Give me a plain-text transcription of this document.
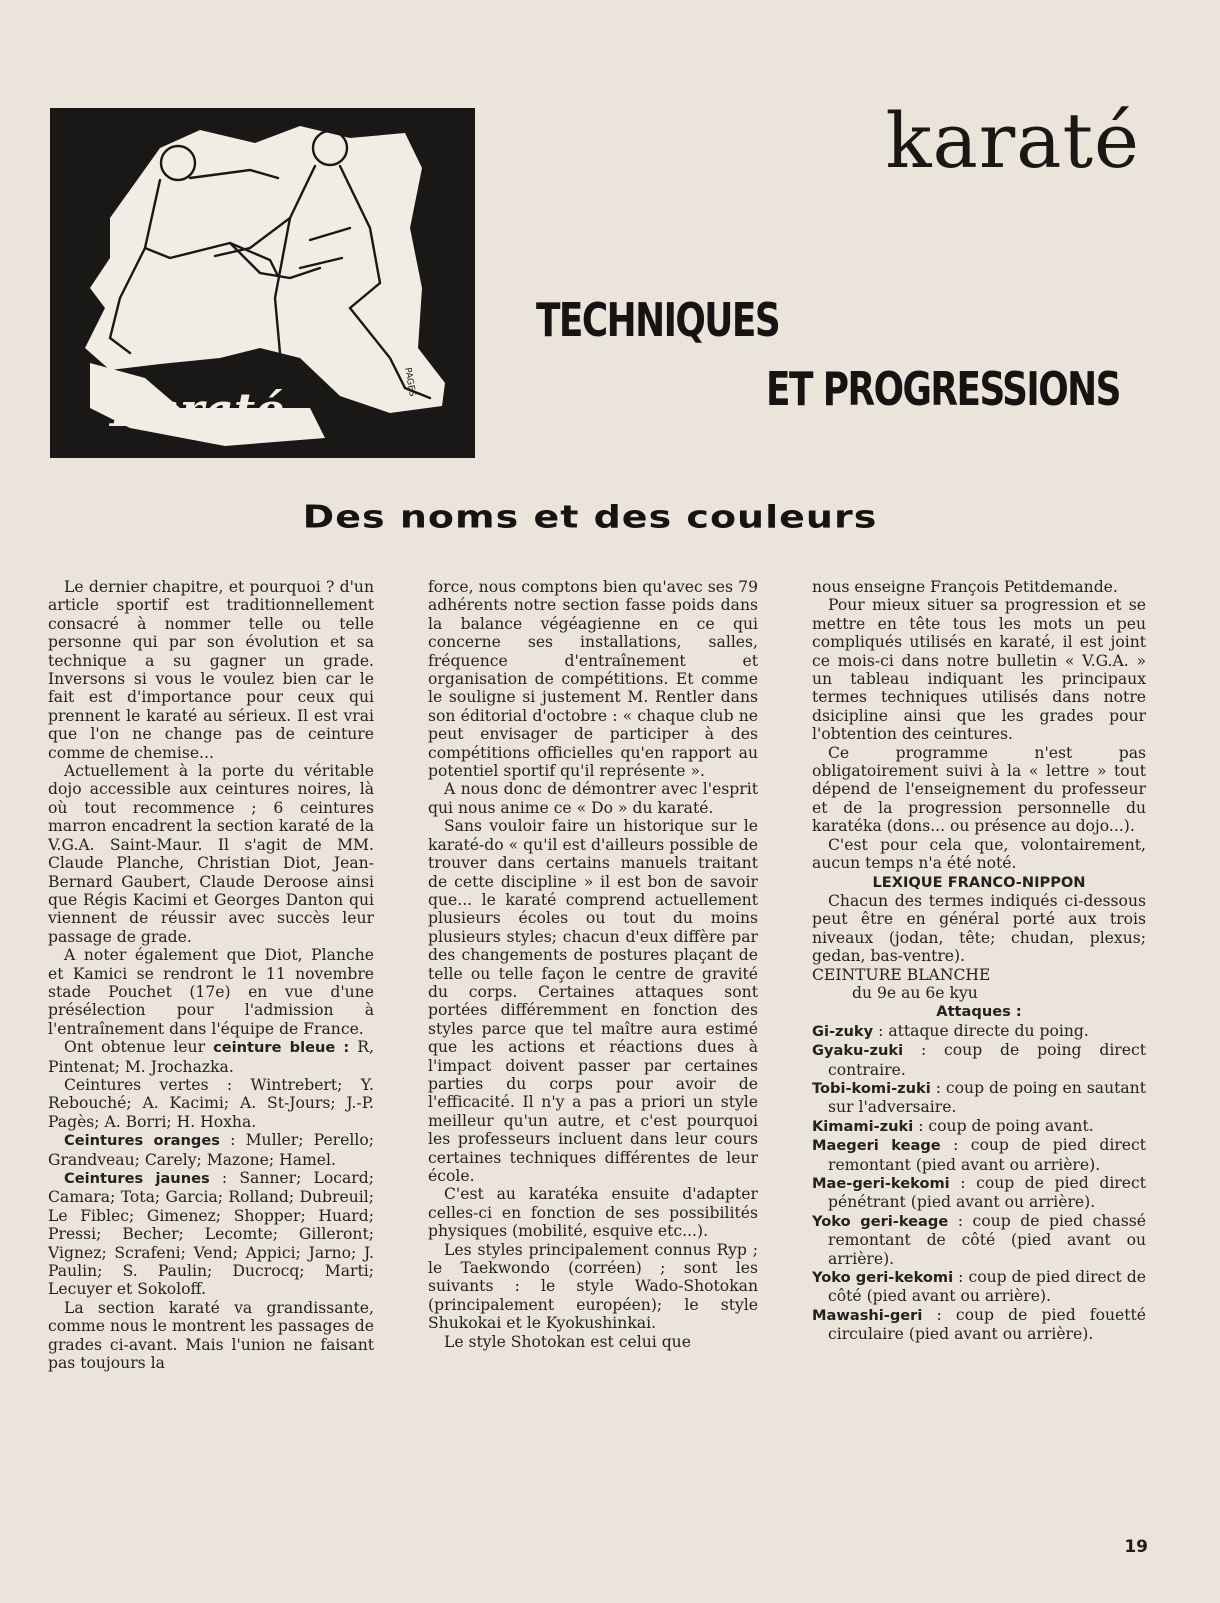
Karaté
PAGES
karaté
TECHNIQUES
ET PROGRESSIONS
Des noms et des couleurs

Le dernier chapitre, et pourquoi ? d'un article sportif est traditionnellement consacré à nommer telle ou telle personne qui par son évolution et sa technique a su gagner un grade. Inversons si vous le voulez bien car le fait est d'importance pour ceux qui prennent le karaté au sérieux. Il est vrai que l'on ne change pas de ceinture comme de chemise...

Actuellement à la porte du véritable dojo accessible aux ceintures noires, là où tout recommence ; 6 ceintures marron encadrent la section karaté de la V.G.A. Saint-Maur. Il s'agit de MM. Claude Planche, Christian Diot, Jean-Bernard Gaubert, Claude Deroose ainsi que Régis Kacimi et Georges Danton qui viennent de réussir avec succès leur passage de grade.

A noter également que Diot, Planche et Kamici se rendront le 11 novembre stade Pouchet (17e) en vue d'une présélection pour l'admission à l'entraînement dans l'équipe de France.

Ont obtenue leur ceinture bleue : R, Pintenat; M. Jrochazka.

Ceintures vertes : Wintrebert; Y. Rebouché; A. Kacimi; A. St-Jours; J.-P. Pagès; A. Borri; H. Hoxha.

Ceintures oranges : Muller; Perello; Grandveau; Carely; Mazone; Hamel.

Ceintures jaunes : Sanner; Locard; Camara; Tota; Garcia; Rolland; Dubreuil; Le Fiblec; Gimenez; Shopper; Huard; Pressi; Becher; Lecomte; Gilleront; Vignez; Scrafeni; Vend; Appici; Jarno; J. Paulin; S. Paulin; Ducrocq; Marti; Lecuyer et Sokoloff.

La section karaté va grandissante, comme nous le montrent les passages de grades ci-avant. Mais l'union ne faisant pas toujours la

force, nous comptons bien qu'avec ses 79 adhérents notre section fasse poids dans la balance végéagienne en ce qui concerne ses installations, salles, fréquence d'entraînement et organisation de compétitions. Et comme le souligne si justement M. Rentler dans son éditorial d'octobre : « chaque club ne peut envisager de participer à des compétitions officielles qu'en rapport au potentiel sportif qu'il représente ».

A nous donc de démontrer avec l'esprit qui nous anime ce « Do » du karaté.

Sans vouloir faire un historique sur le karaté-do « qu'il est d'ailleurs possible de trouver dans certains manuels traitant de cette discipline » il est bon de savoir que... le karaté comprend actuellement plusieurs écoles ou tout du moins plusieurs styles; chacun d'eux diffère par des changements de postures plaçant de telle ou telle façon le centre de gravité du corps. Certaines attaques sont portées différemment en fonction des styles parce que tel maître aura estimé que les actions et réactions dues à l'impact doivent passer par certaines parties du corps pour avoir de l'efficacité. Il n'y a pas a priori un style meilleur qu'un autre, et c'est pourquoi les professeurs incluent dans leur cours certaines techniques différentes de leur école.

C'est au karatéka ensuite d'adapter celles-ci en fonction de ses possibilités physiques (mobilité, esquive etc...).

Les styles principalement connus Ryp ; le Taekwondo (corréen) ; sont les suivants : le style Wado-Shotokan (principalement européen); le style Shukokai et le Kyokushinkai.

Le style Shotokan est celui que

nous enseigne François Petitdemande.

Pour mieux situer sa progression et se mettre en tête tous les mots un peu compliqués utilisés en karaté, il est joint ce mois-ci dans notre bulletin « V.G.A. » un tableau indiquant les principaux termes techniques utilisés dans notre dsicipline ainsi que les grades pour l'obtention des ceintures.

Ce programme n'est pas obligatoirement suivi à la « lettre » tout dépend de l'enseignement du professeur et de la progression personnelle du karatéka (dons... ou présence au dojo...).

C'est pour cela que, volontairement, aucun temps n'a été noté.

LEXIQUE FRANCO-NIPPON

Chacun des termes indiqués ci-dessous peut être en général porté aux trois niveaux (jodan, tête; chudan, plexus; gedan, bas-ventre).

CEINTURE BLANCHE

du 9e au 6e kyu

Attaques :

Gi-zuky : attaque directe du poing.
Gyaku-zuki : coup de poing direct contraire.
Tobi-komi-zuki : coup de poing en sautant sur l'adversaire.
Kimami-zuki : coup de poing avant.
Maegeri keage : coup de pied direct remontant (pied avant ou arrière).
Mae-geri-kekomi : coup de pied direct pénétrant (pied avant ou arrière).
Yoko geri-keage : coup de pied chassé remontant de côté (pied avant ou arrière).
Yoko geri-kekomi : coup de pied direct de côté (pied avant ou arrière).
Mawashi-geri : coup de pied fouetté circulaire (pied avant ou arrière).
19
